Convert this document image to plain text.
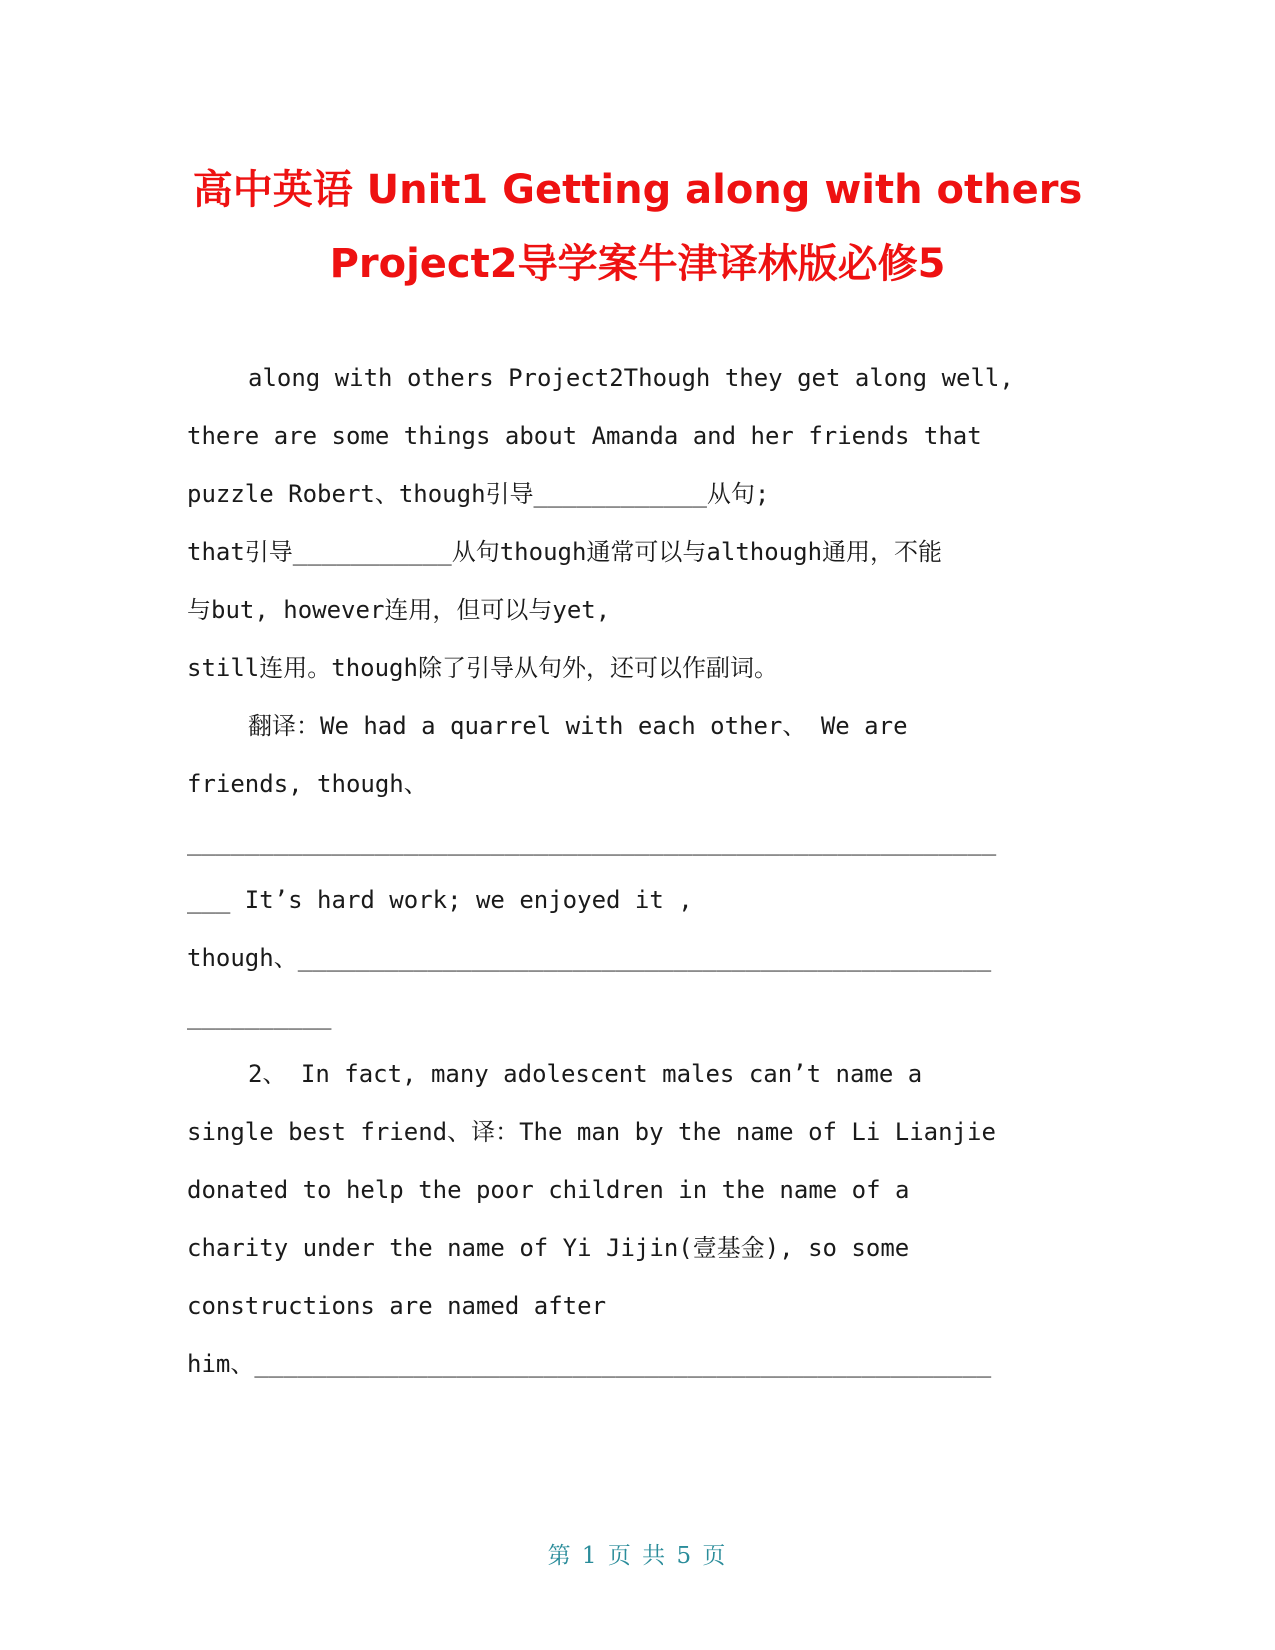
高中英语 Unit1 Getting along with others
Project2导学案牛津译林版必修5
along with others Project2Though they get along well,
there are some things about Amanda and her friends that
puzzle Robert、though引导____________从句;
that引导___________从句though通常可以与although通用，不能
与but, however连用，但可以与yet,
still连用。though除了引导从句外，还可以作副词。
翻译：We had a quarrel with each other、 We are
friends, though、
________________________________________________________
___ It’s hard work; we enjoyed it ,
though、________________________________________________
__________
2、 In fact, many adolescent males can’t name a
single best friend、译：The man by the name of Li Lianjie
donated to help the poor children in the name of a
charity under the name of Yi Jijin(壹基金), so some
constructions are named after
him、___________________________________________________
第 1 页 共 5 页
